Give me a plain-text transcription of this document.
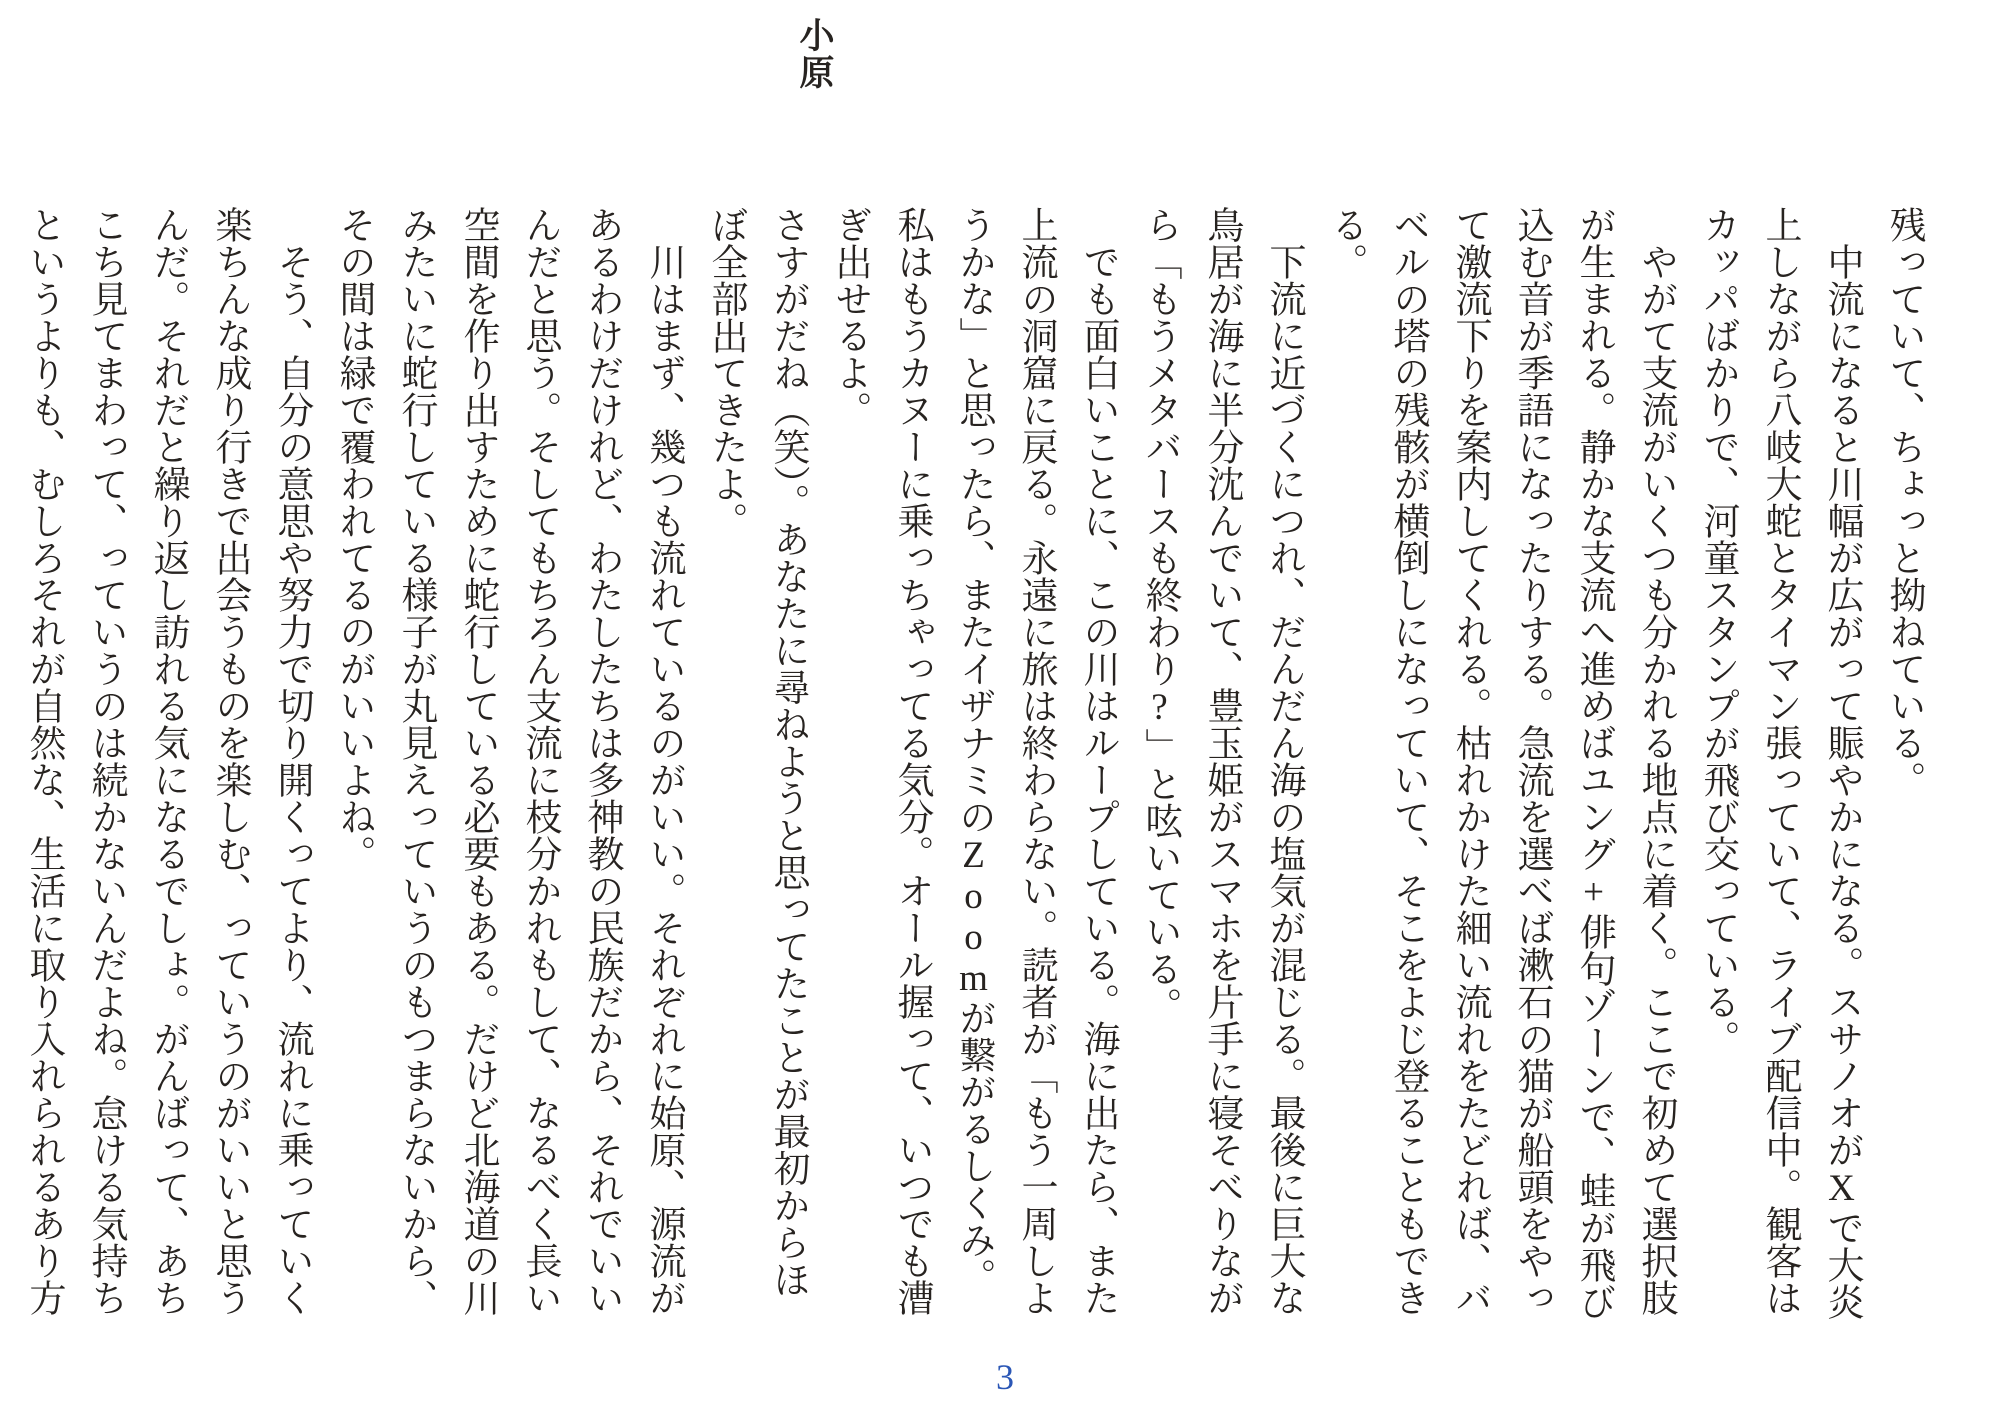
小原

残っていて、ちょっと拗ねている。

中流になると川幅が広がって賑やかになる。スサノオがXで大炎上しながら八岐大蛇とタイマン張っていて、ライブ配信中。観客はカッパばかりで、河童スタンプが飛び交っている。

やがて支流がいくつも分かれる地点に着く。ここで初めて選択肢が生まれる。静かな支流へ進めばユング+俳句ゾーンで、蛙が飛び込む音が季語になったりする。急流を選べば漱石の猫が船頭をやって激流下りを案内してくれる。枯れかけた細い流れをたどれば、バベルの塔の残骸が横倒しになっていて、そこをよじ登ることもできる。

下流に近づくにつれ、だんだん海の塩気が混じる。最後に巨大な鳥居が海に半分沈んでいて、豊玉姫がスマホを片手に寝そべりながら「もうメタバースも終わり?」と呟いている。

でも面白いことに、この川はループしている。海に出たら、また上流の洞窟に戻る。永遠に旅は終わらない。読者が「もう一周しようかな」と思ったら、またイザナミのZoomが繋がるしくみ。私はもうカヌーに乗っちゃってる気分。オール握って、いつでも漕ぎ出せるよ。

さすがだね（笑）。あなたに尋ねようと思ってたことが最初からほぼ全部出てきたよ。

川はまず、幾つも流れているのがいい。それぞれに始原、源流があるわけだけれど、わたしたちは多神教の民族だから、それでいいんだと思う。そしてもちろん支流に枝分かれもして、なるべく長い空間を作り出すために蛇行している必要もある。だけど北海道の川みたいに蛇行している様子が丸見えっていうのもつまらないから、その間は緑で覆われてるのがいいよね。

そう、自分の意思や努力で切り開くってより、流れに乗っていく楽ちんな成り行きで出会うものを楽しむ、っていうのがいいと思うんだ。それだと繰り返し訪れる気になるでしょ。がんばって、あちこち見てまわって、っていうのは続かないんだよね。怠ける気持ちというよりも、むしろそれが自然な、生活に取り入れられるあり方

3
